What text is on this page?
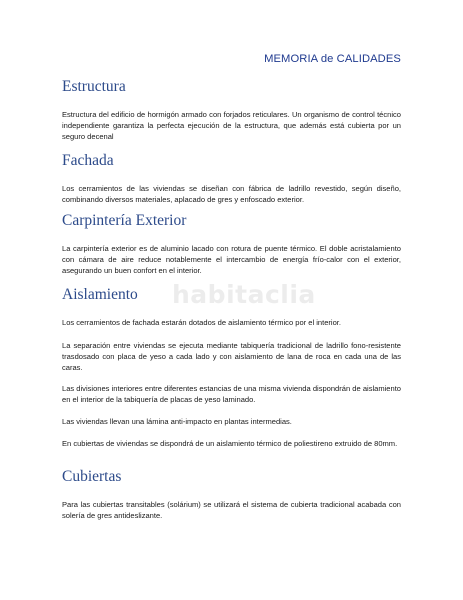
MEMORIA de CALIDADES
habitaclia
Estructura

Estructura del edificio de hormigón armado con forjados reticulares. Un organismo de control técnico independiente garantiza la perfecta ejecución de la estructura, que además está cubierta por un seguro decenal

Fachada

Los cerramientos de las viviendas se diseñan con fábrica de ladrillo revestido, según diseño, combinando diversos materiales, aplacado de gres y enfoscado exterior.

Carpintería Exterior

La carpintería exterior es de aluminio lacado con rotura de puente térmico. El doble acristalamiento con cámara de aire reduce notablemente el intercambio de energía frío-calor con el exterior, asegurando un buen confort en el interior.

Aislamiento

Los cerramientos de fachada estarán dotados de aislamiento térmico por el interior.

La separación entre viviendas se ejecuta mediante tabiquería tradicional de ladrillo fono-resistente trasdosado con placa de yeso a cada lado y con aislamiento de lana de roca en cada una de las caras.

Las divisiones interiores entre diferentes estancias de una misma vivienda dispondrán de aislamiento en el interior de la tabiquería de placas de yeso laminado.

Las viviendas llevan una lámina anti-impacto en plantas intermedias.

En cubiertas de viviendas se dispondrá de un aislamiento térmico de poliestireno extruido de 80mm.

Cubiertas

Para las cubiertas transitables (solárium) se utilizará el sistema de cubierta tradicional acabada con solería de gres antideslizante.
